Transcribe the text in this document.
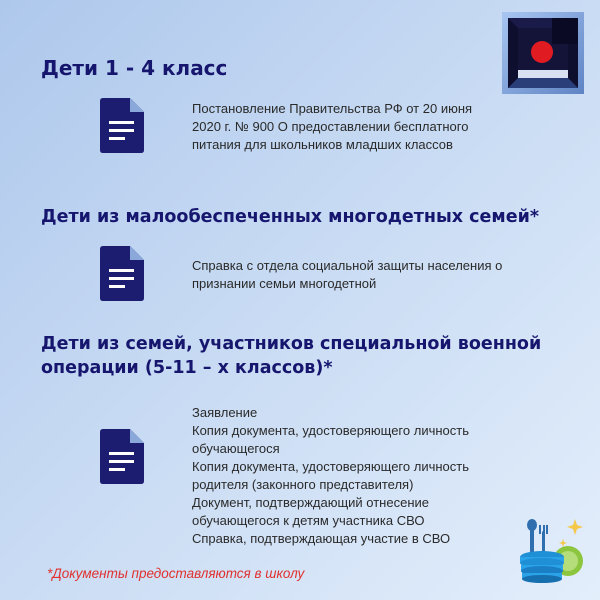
Дети 1 - 4 класс
Постановление Правительства РФ от 20 июня
2020 г. № 900 О предоставлении бесплатного
питания для школьников младших классов
Дети из малообеспеченных многодетных семей*
Справка с отдела социальной защиты населения о
признании семьи многодетной
Дети из семей, участников специальной военной операции (5-11 – х классов)*
Заявление
Копия документа, удостоверяющего личность
обучающегося
Копия документа, удостоверяющего личность
родителя (законного представителя)
Документ, подтверждающий отнесение
обучающегося к детям участника СВО
Справка, подтверждающая участие в СВО
*Документы предоставляются в школу
